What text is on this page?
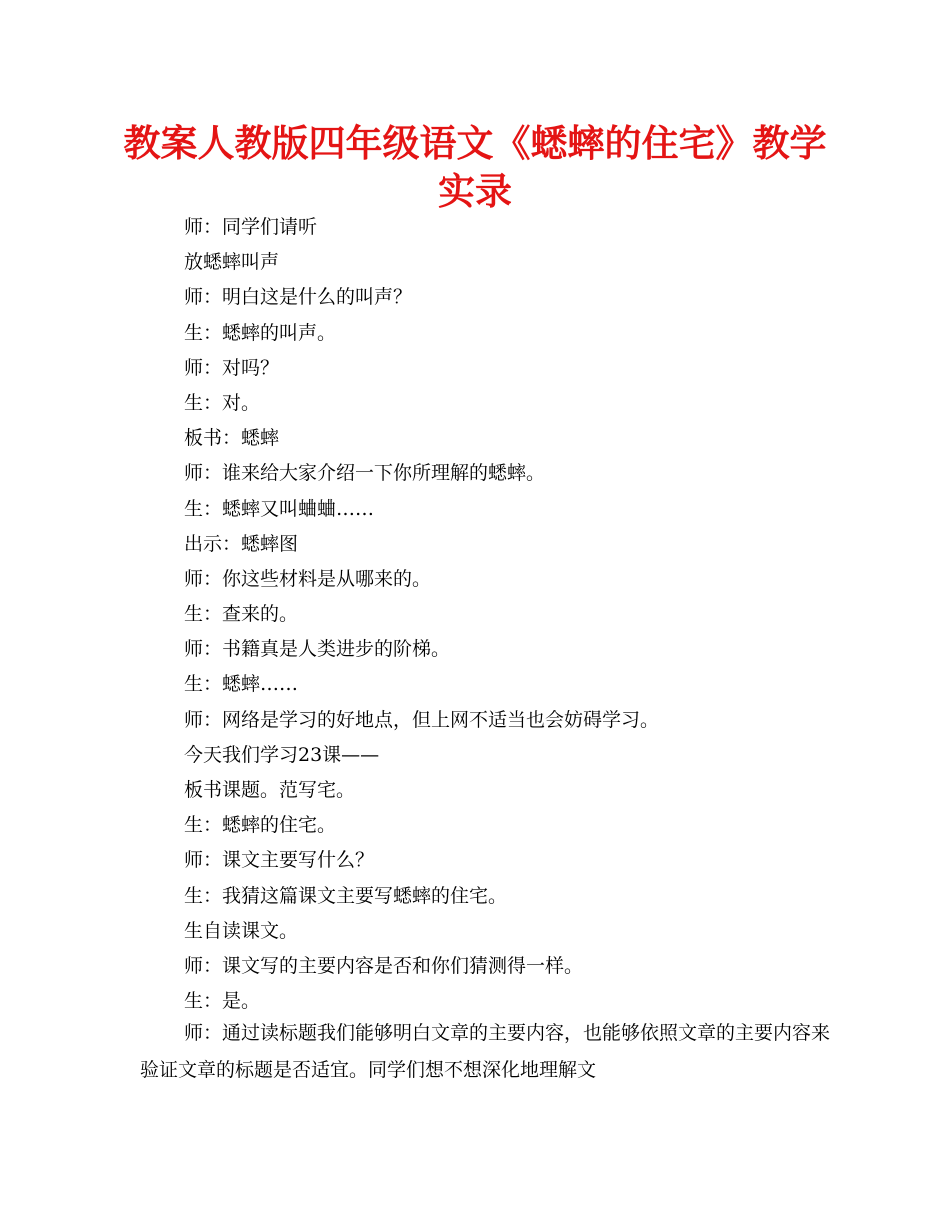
教案人教版四年级语文《蟋蟀的住宅》教学实录
师：同学们请听
放蟋蟀叫声
师：明白这是什么的叫声？
生：蟋蟀的叫声。
师：对吗？
生：对。
板书：蟋蟀
师：谁来给大家介绍一下你所理解的蟋蟀。
生：蟋蟀又叫蛐蛐……
出示：蟋蟀图
师：你这些材料是从哪来的。
生：查来的。
师：书籍真是人类进步的阶梯。
生：蟋蟀……
师：网络是学习的好地点，但上网不适当也会妨碍学习。
今天我们学习23课——
板书课题。范写宅。
生：蟋蟀的住宅。
师：课文主要写什么？
生：我猜这篇课文主要写蟋蟀的住宅。
生自读课文。
师：课文写的主要内容是否和你们猜测得一样。
生：是。

师：通过读标题我们能够明白文章的主要内容，也能够依照文章的主要内容来验证文章的标题是否适宜。同学们想不想深化地理解文
